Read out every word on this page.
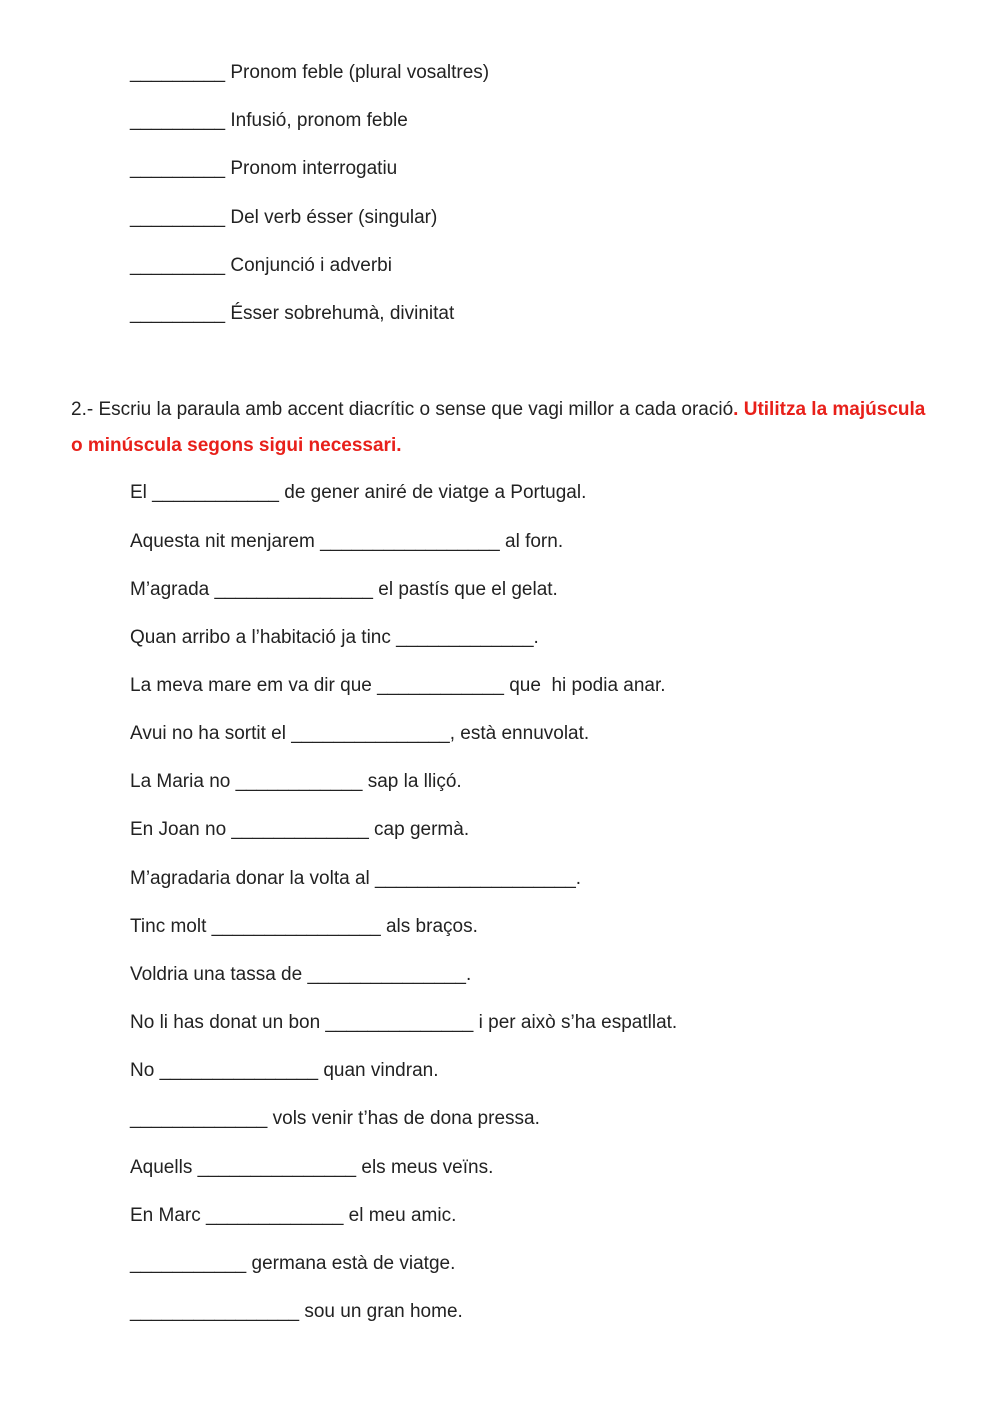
_________ Pronom feble (plural vosaltres)
_________ Infusió, pronom feble
_________ Pronom interrogatiu
_________ Del verb ésser (singular)
_________ Conjunció i adverbi
_________ Ésser sobrehumà, divinitat
2.- Escriu la paraula amb accent diacrític o sense que vagi millor a cada oració. Utilitza la majúscula o minúscula segons sigui necessari.
El ____________ de gener aniré de viatge a Portugal.
Aquesta nit menjarem _________________ al forn.
M’agrada _______________ el pastís que el gelat.
Quan arribo a l’habitació ja tinc _____________.
La meva mare em va dir que ____________ que  hi podia anar.
Avui no ha sortit el _______________, està ennuvolat.
La Maria no ____________ sap la lliçó.
En Joan no _____________ cap germà.
M’agradaria donar la volta al ___________________.
Tinc molt ________________ als braços.
Voldria una tassa de _______________.
No li has donat un bon ______________ i per això s’ha espatllat.
No _______________ quan vindran.
_____________ vols venir t’has de dona pressa.
Aquells _______________ els meus veïns.
En Marc _____________ el meu amic.
___________ germana està de viatge.
________________ sou un gran home.
